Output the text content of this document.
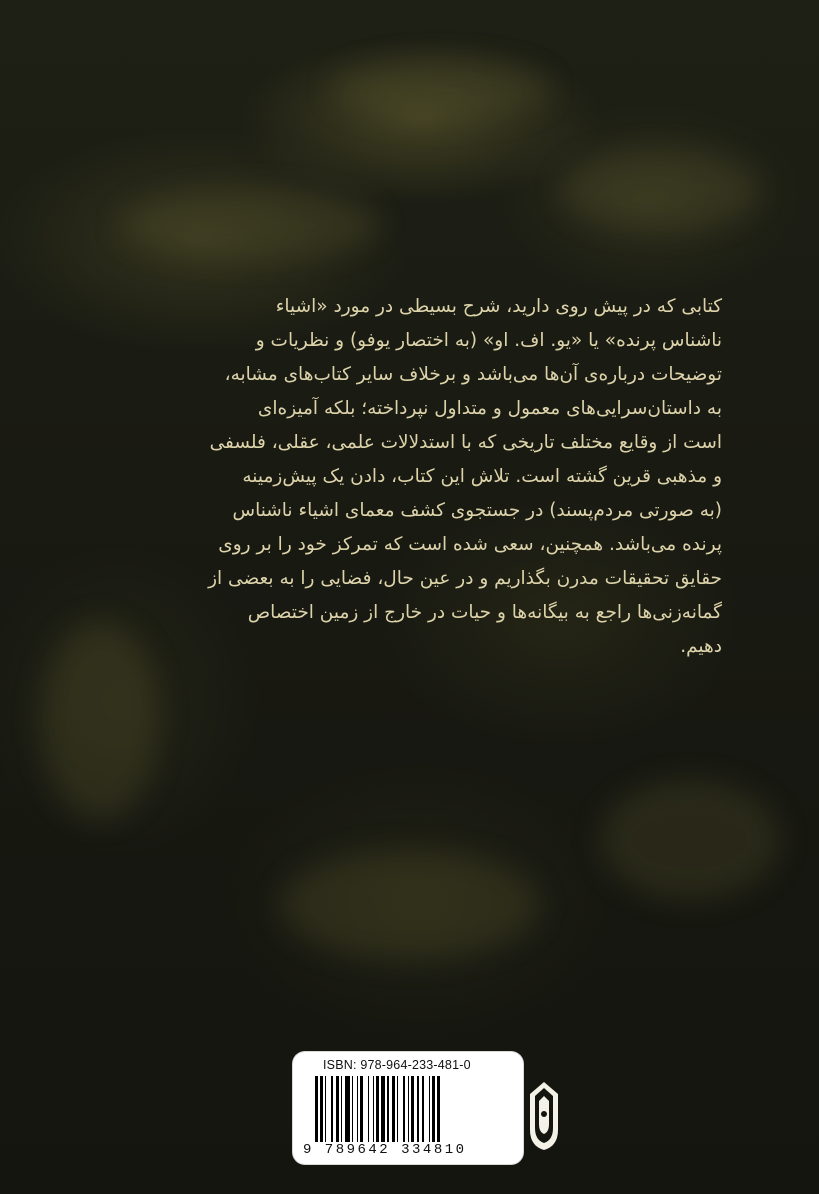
کتابی که در پیش روی دارید، شرح بسیطی در مورد «اشیاء
ناشناس پرنده» یا «یو. اف. او» (به اختصار یوفو) و نظریات و
توضیحات درباره‌ی آن‌ها می‌باشد و برخلاف سایر کتاب‌های مشابه،
به داستان‌سرایی‌های معمول و متداول نپرداخته؛ بلکه آمیزه‌ای
است از وقایع مختلف تاریخی که با استدلالات علمی، عقلی، فلسفی
و مذهبی قرین گشته است. تلاش این کتاب، دادن یک پیش‌زمینه
(به صورتی مردم‌پسند) در جستجوی کشف معمای اشیاء ناشناس
پرنده می‌باشد. همچنین، سعی شده است که تمرکز خود را بر روی
حقایق تحقیقات مدرن بگذاریم و در عین حال، فضایی را به بعضی از
گمانه‌زنی‌ها راجع به بیگانه‌ها و حیات در خارج از زمین اختصاص
دهیم.
ISBN: 978-964-233-481-0
9 789642 334810
